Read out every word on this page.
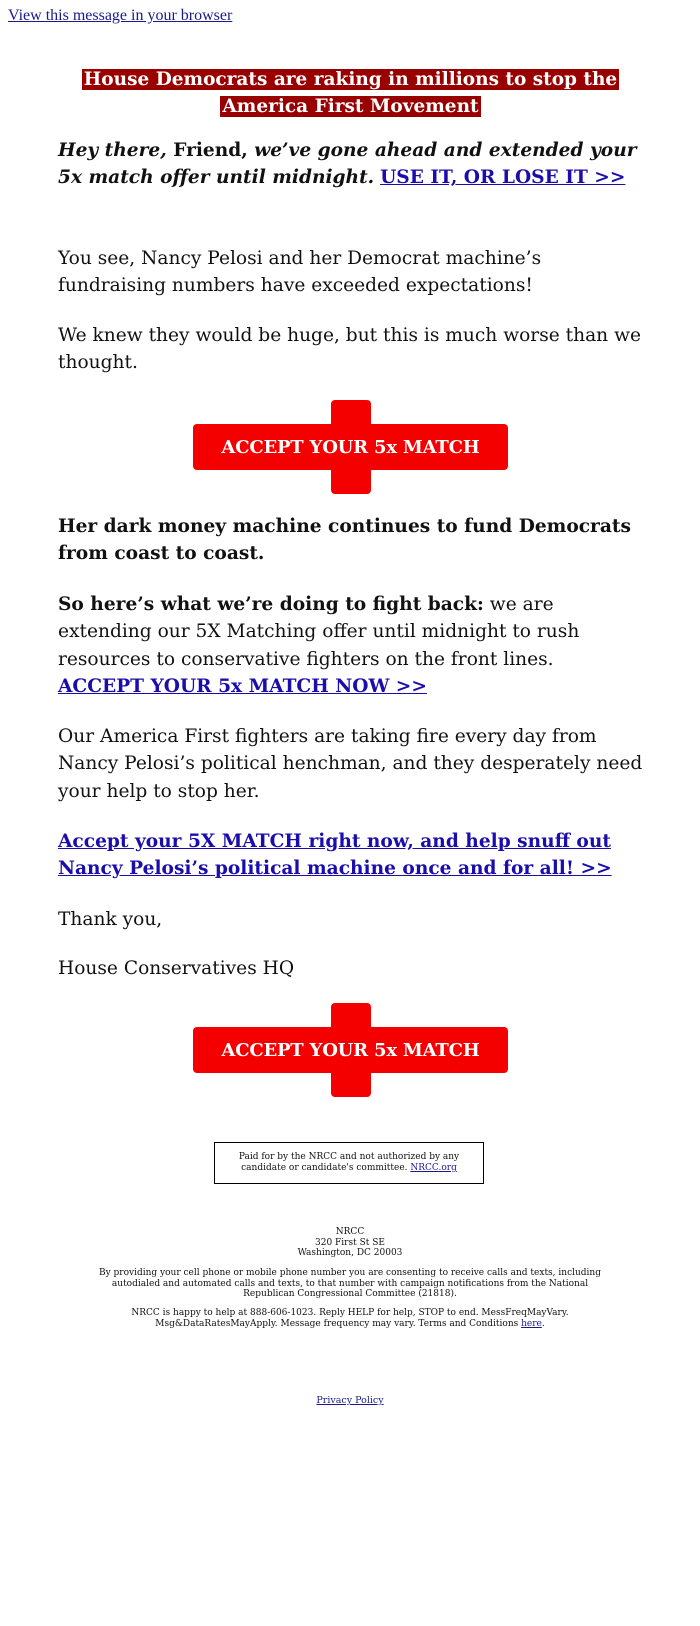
View this message in your browser
House Democrats are raking in millions to stop the
America First Movement

Hey there, Friend, we’ve gone ahead and extended your 5x match offer until midnight. USE IT, OR LOSE IT >>

You see, Nancy Pelosi and her Democrat machine’s fundraising numbers have exceeded expectations!

We knew they would be huge, but this is much worse than we thought.

Her dark money machine continues to fund Democrats from coast to coast.

So here’s what we’re doing to fight back: we are extending our 5X Matching offer until midnight to rush resources to conservative fighters on the front lines. ACCEPT YOUR 5x MATCH NOW >>

Our America First fighters are taking fire every day from Nancy Pelosi’s political henchman, and they desperately need your help to stop her.

Accept your 5X MATCH right now, and help snuff out Nancy Pelosi’s political machine once and for all! >>

Thank you,

House Conservatives HQ

ACCEPT YOUR 5x MATCH
ACCEPT YOUR 5x MATCH
Paid for by the NRCC and not authorized by any candidate or candidate's committee. NRCC.org
NRCC
320 First St SE
Washington, DC 20003
By providing your cell phone or mobile phone number you are consenting to receive calls and texts, including autodialed and automated calls and texts, to that number with campaign notifications from the National Republican Congressional Committee (21818).
NRCC is happy to help at 888-606-1023. Reply HELP for help, STOP to end. MessFreqMayVary. Msg&DataRatesMayApply. Message frequency may vary. Terms and Conditions here.
Privacy Policy
